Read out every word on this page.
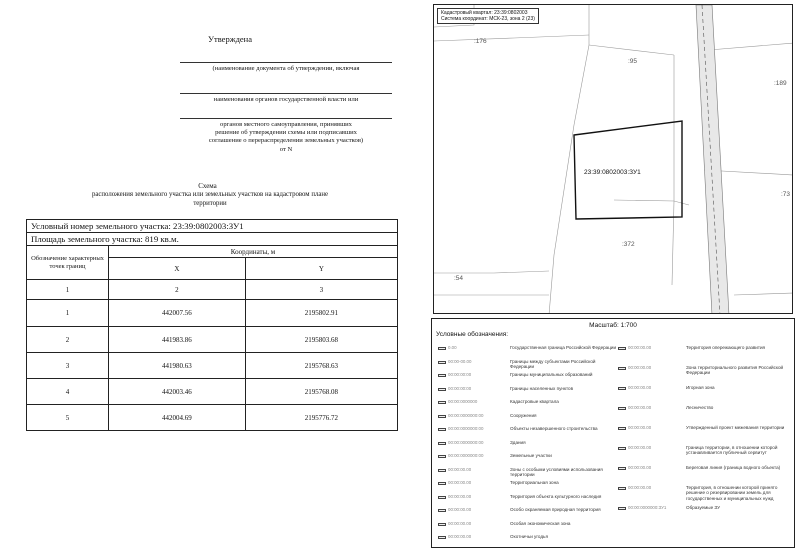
Утверждена
(наименование документа об утверждении, включая
наименования органов государственной власти или
органов местного самоуправления, принявших
решение об утверждении схемы или подписавших
соглашение о перераспределении земельных участков)
от N
Схема
расположения земельного участка или земельных участков на кадастровом плане
территории
Условный номер земельного участка: 23:39:0802003:ЗУ1		
Площадь земельного участка: 819 кв.м.		
Обозначение характерных точек границ	Координаты, м	
	X	Y
1	2	3
1	442007.56	2195802.91
2	441983.86	2195803.68
3	441980.63	2195768.63
4	442003.46	2195768.08
5	442004.69	2195776.72
Кадастровый квартал: 23:39:0802003
Система координат: МСК-23, зона 2 (23)
:176
:95
:189
:73
:372
:54
23:39:0802003:ЗУ1
Масштаб: 1:700
Условные обозначения:
0.00	Государственная граница Российской Федерации
00:00-00.00	Границы между субъектами Российской Федерации
00:00:00:00	Границы муниципальных образований
00:00:00:00	Границы населенных пунктов
00:00:0000000	Кадастровые квартала
00:00:0000000:00	Сооружения
00:00:0000000:00	Объекты незавершенного строительства
00:00:0000000:00	Здания
00:00:0000000:00	Земельные участки
00:00:00.00	Зоны с особыми условиями использования территории
00:00:00.00	Территориальная зона
00:00:00.00	Территория объекта культурного наследия
00:00:00.00	Особо охраняемая природная территория
00:00:00.00	Особая экономическая зона
00:00:00.00	Охотничьи угодья
00:00:00.00	Территория опережающего развития
00:00:00.00	Зона территориального развития Российской Федерации
00:00:00.00	Игорная зона
00:00:00.00	Лесничество
00:00:00.00	Утвержденный проект межевания территории
00:00:00.00	Граница территории, в отношении которой устанавливается публичный сервитут
00:00:00.00	Береговая линия (граница водного объекта)
00:00:00.00	Территория, в отношении которой принято решение о резервировании земель для государственных и муниципальных нужд
00:00:0000000:ЗУ1	Образуемые ЗУ
